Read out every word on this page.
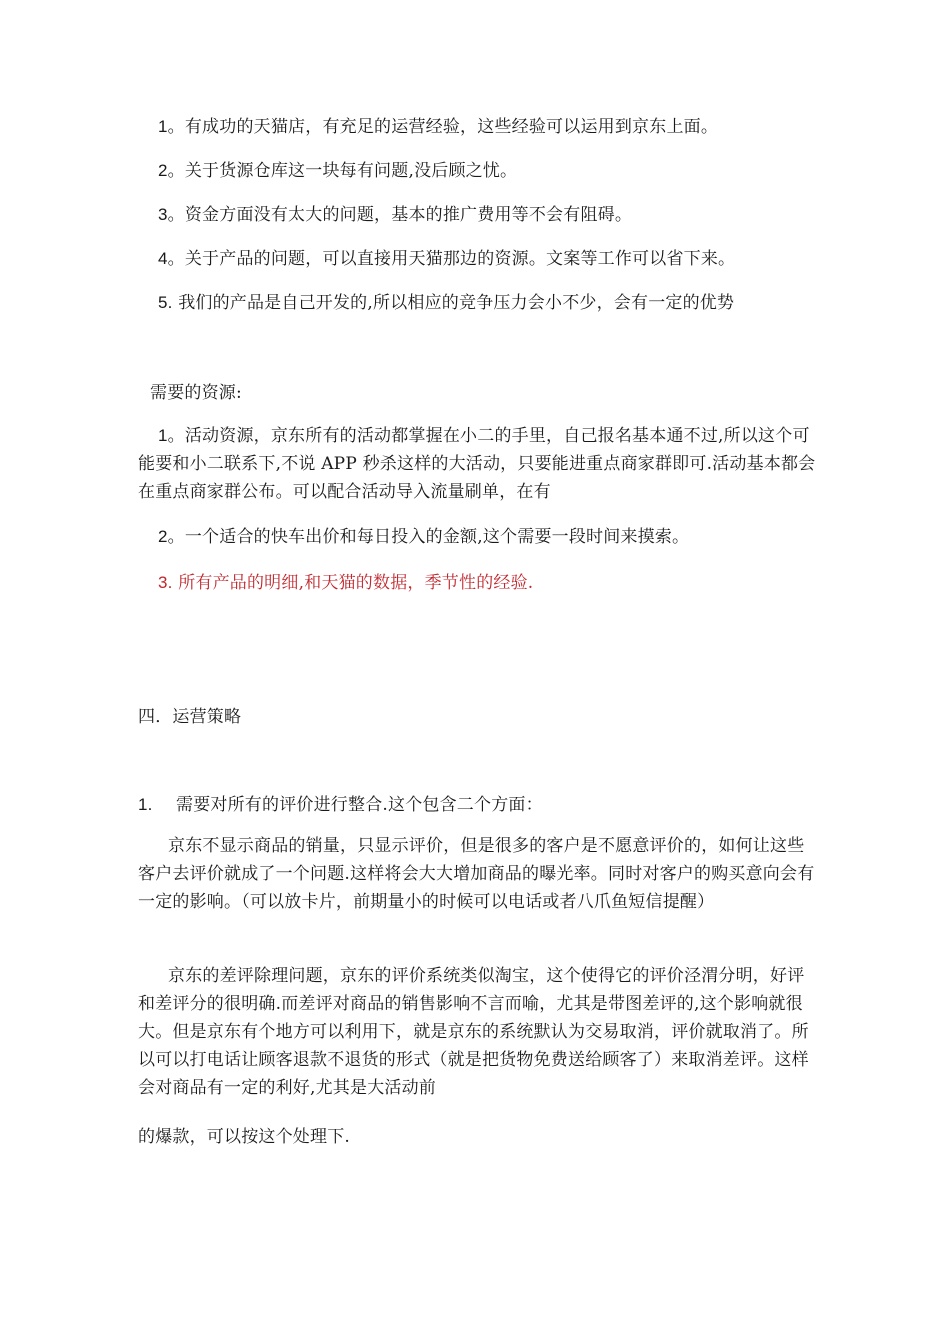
1。有成功的天猫店，有充足的运营经验，这些经验可以运用到京东上面。
2。关于货源仓库这一块每有问题,没后顾之忧。
3。资金方面没有太大的问题，基本的推广费用等不会有阻碍。
4。关于产品的问题，可以直接用天猫那边的资源。文案等工作可以省下来。
5. 我们的产品是自己开发的,所以相应的竞争压力会小不少，会有一定的优势
需要的资源:
1。活动资源，京东所有的活动都掌握在小二的手里，自己报名基本通不过,所以这个可能要和小二联系下,不说 APP 秒杀这样的大活动，只要能进重点商家群即可.活动基本都会在重点商家群公布。可以配合活动导入流量刷单，在有
2。一个适合的快车出价和每日投入的金额,这个需要一段时间来摸索。
3. 所有产品的明细,和天猫的数据，季节性的经验.
四．运营策略
1. 需要对所有的评价进行整合.这个包含二个方面：
京东不显示商品的销量，只显示评价，但是很多的客户是不愿意评价的，如何让这些客户去评价就成了一个问题.这样将会大大增加商品的曝光率。同时对客户的购买意向会有一定的影响。（可以放卡片，前期量小的时候可以电话或者八爪鱼短信提醒）
京东的差评除理问题，京东的评价系统类似淘宝，这个使得它的评价泾渭分明，好评和差评分的很明确.而差评对商品的销售影响不言而喻，尤其是带图差评的,这个影响就很大。但是京东有个地方可以利用下，就是京东的系统默认为交易取消，评价就取消了。所以可以打电话让顾客退款不退货的形式（就是把货物免费送给顾客了）来取消差评。这样会对商品有一定的利好,尤其是大活动前
的爆款，可以按这个处理下.
